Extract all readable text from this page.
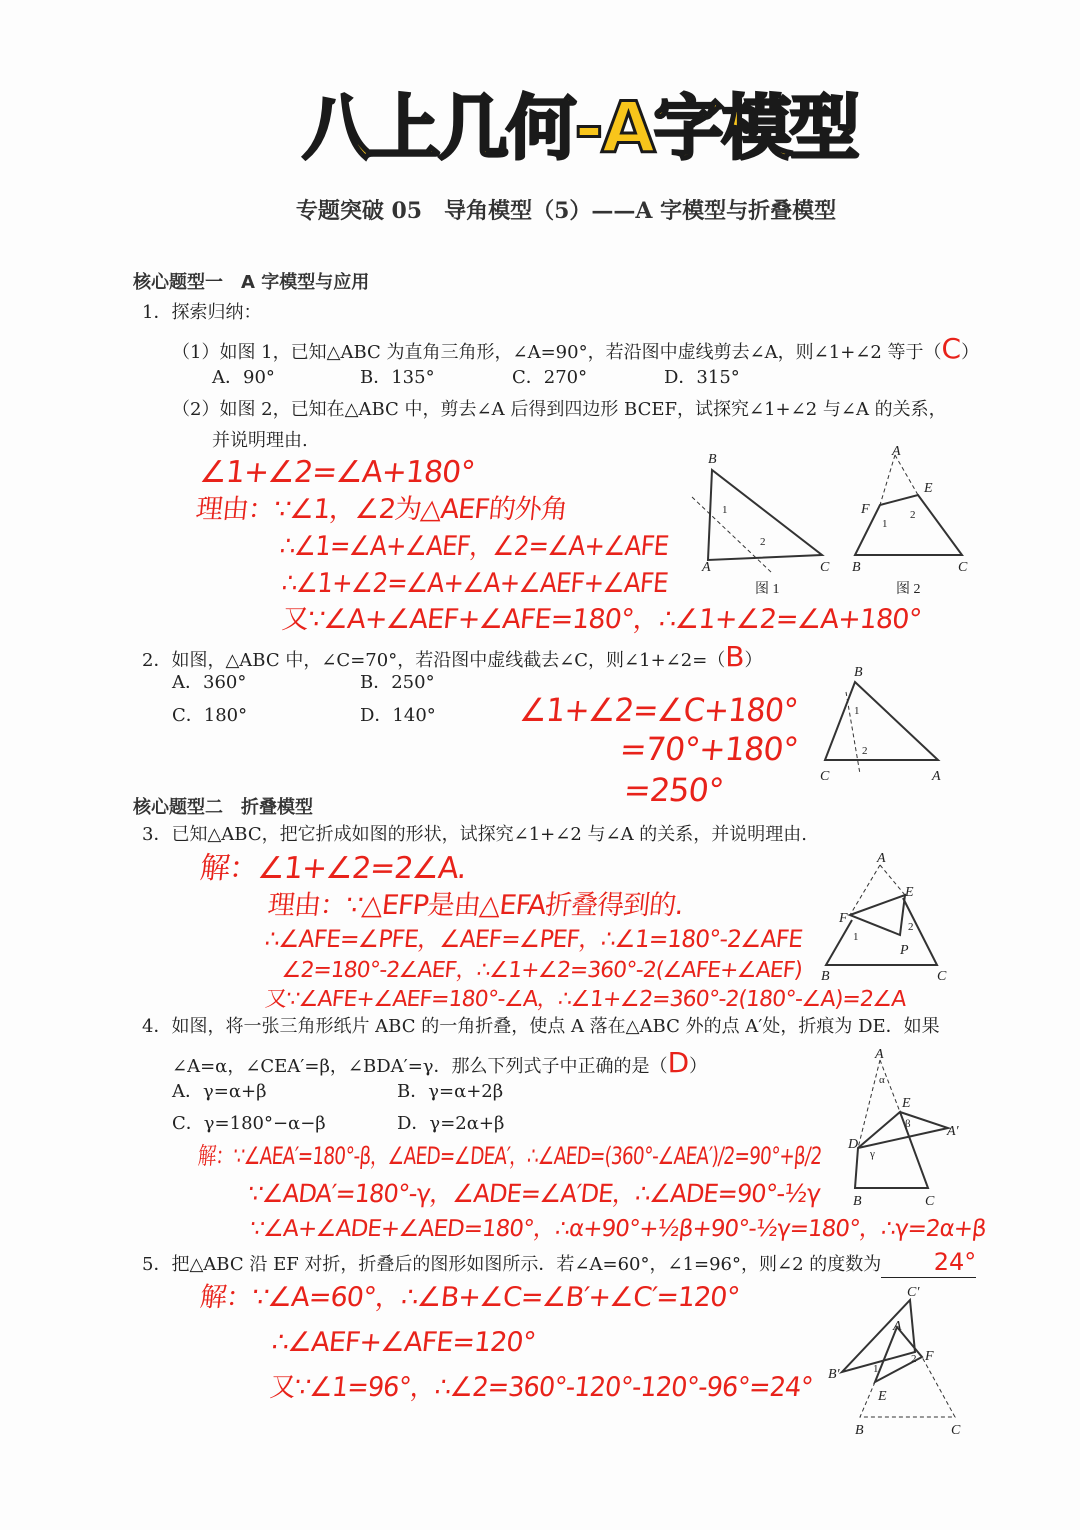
八上几何-A字模型
专题突破 05　导角模型（5）——A 字模型与折叠模型
核心题型一　A 字模型与应用
1．探索归纳：
（1）如图 1，已知△ABC 为直角三角形，∠A=90°，若沿图中虚线剪去∠A，则∠1+∠2 等于（C）
A．90°	B．135°	C．270°	D．315°
（2）如图 2，已知在△ABC 中，剪去∠A 后得到四边形 BCEF，试探究∠1+∠2 与∠A 的关系，
并说明理由.
∠1+∠2=∠A+180°
理由：∵∠1，∠2为△AEF的外角
∴∠1=∠A+∠AEF，∠2=∠A+∠AFE
∴∠1+∠2=∠A+∠A+∠AEF+∠AFE
又∵∠A+∠AEF+∠AFE=180°，∴∠1+∠2=∠A+180°
B
A	C
1
2
图 1
A
E
F
B	C
1
2
图 2
2．如图，△ABC 中，∠C=70°，若沿图中虚线截去∠C，则∠1+∠2=（B）
A．360°	B．250°
C．180°	D．140°	∠1+∠2=∠C+180°
=70°+180°
=250°
B
C	A
1
2
核心题型二　折叠模型
3．已知△ABC，把它折成如图的形状，试探究∠1+∠2 与∠A 的关系，并说明理由.
解：∠1+∠2=2∠A.
理由：∵△EFP是由△EFA折叠得到的.
∴∠AFE=∠PFE，∠AEF=∠PEF，∴∠1=180°-2∠AFE
∠2=180°-2∠AEF，∴∠1+∠2=360°-2(∠AFE+∠AEF)
又∵∠AFE+∠AEF=180°-∠A，∴∠1+∠2=360°-2(180°-∠A)=2∠A
A
E
F
P
B	C
1
2
4．如图，将一张三角形纸片 ABC 的一角折叠，使点 A 落在△ABC 外的点 A′处，折痕为 DE．如果
∠A=α，∠CEA′=β，∠BDA′=γ．那么下列式子中正确的是（D）
A．γ=α+β	B．γ=α+2β
C．γ=180°−α−β	D．γ=2α+β
解：∵∠AEA′=180°-β，∠AED=∠DEA′，∴∠AED=(360°-∠AEA′)/2=90°+β/2
∵∠ADA′=180°-γ，∠ADE=∠A′DE，∴∠ADE=90°-½γ
∵∠A+∠ADE+∠AED=180°，∴α+90°+½β+90°-½γ=180°，∴γ=2α+β
A
E
A′
D
B	C
α
β
γ
5．把△ABC 沿 EF 对折，折叠后的图形如图所示．若∠A=60°，∠1=96°，则∠2 的度数为 24°
解：∵∠A=60°，∴∠B+∠C=∠B′+∠C′=120°
∴∠AEF+∠AFE=120°
又∵∠1=96°，∴∠2=360°-120°-120°-96°=24°
C′
A
F
B′
E
B	C
1
2
